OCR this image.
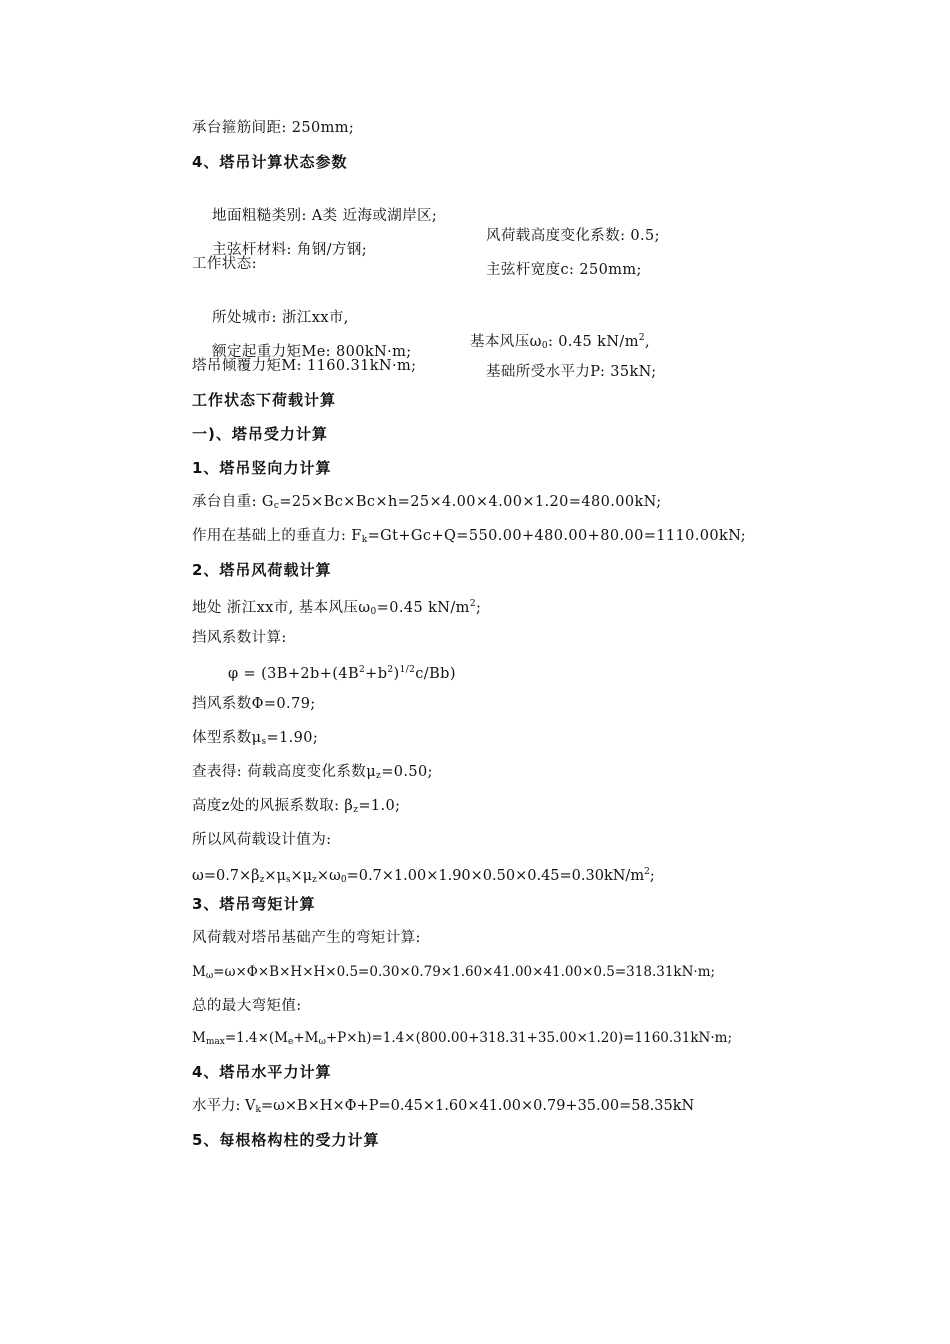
承台箍筋间距: 250mm;
4、塔吊计算状态参数

地面粗糙类别: A类 近海或湖岸区;

风荷载高度变化系数: 0.5;

主弦杆材料: 角钢/方钢;

主弦杆宽度c: 250mm;

工作状态:

所处城市: 浙江xx市,

基本风压$\omega_0$: 0.45 $kN/m^2$,

额定起重力矩Me: 800kN·m;

基础所受水平力P: 35kN;

塔吊倾覆力矩M: 1160.31kN·m;
工作状态下荷载计算
一)、塔吊受力计算
1、塔吊竖向力计算
承台自重: $G_c=25\times Bc\times Bc\times h=25\times 4.00\times 4.00\times 1.20=480.00kN$;
作用在基础上的垂直力: $F_k=Gt+Gc+Q=550.00+480.00+80.00=1110.00kN$;
2、塔吊风荷载计算
地处 浙江xx市, 基本风压$\omega_0=0.45$ $kN/m^2$;
挡风系数计算:
$\varphi = (3B+2b+(4B^2+b^2)^{1/2}c/Bb)$
挡风系数Φ=0.79;
体型系数$\mu_s=1.90$;
查表得: 荷载高度变化系数$\mu_z=0.50$;
高度z处的风振系数取: $\beta_z=1.0$;
所以风荷载设计值为:
$\omega=0.7\times\beta_z\times\mu_s\times\mu_z\times\omega_0=0.7\times 1.00\times 1.90\times 0.50\times 0.45=0.30kN/m^2$;
3、塔吊弯矩计算
风荷载对塔吊基础产生的弯矩计算:
$M_\omega=\omega\times\Phi\times B\times H\times H\times 0.5=0.30\times 0.79\times 1.60\times 41.00\times 41.00\times 0.5=318.31kN\cdot m$;
总的最大弯矩值:
$M_{max}=1.4\times(M_e+M_\omega+P\times h)=1.4\times(800.00+318.31+35.00\times 1.20)=1160.31kN\cdot m$;
4、塔吊水平力计算
水平力: $V_k=\omega\times B\times H\times\Phi+P=0.45\times 1.60\times 41.00\times 0.79+35.00=58.35kN$
5、每根格构柱的受力计算
